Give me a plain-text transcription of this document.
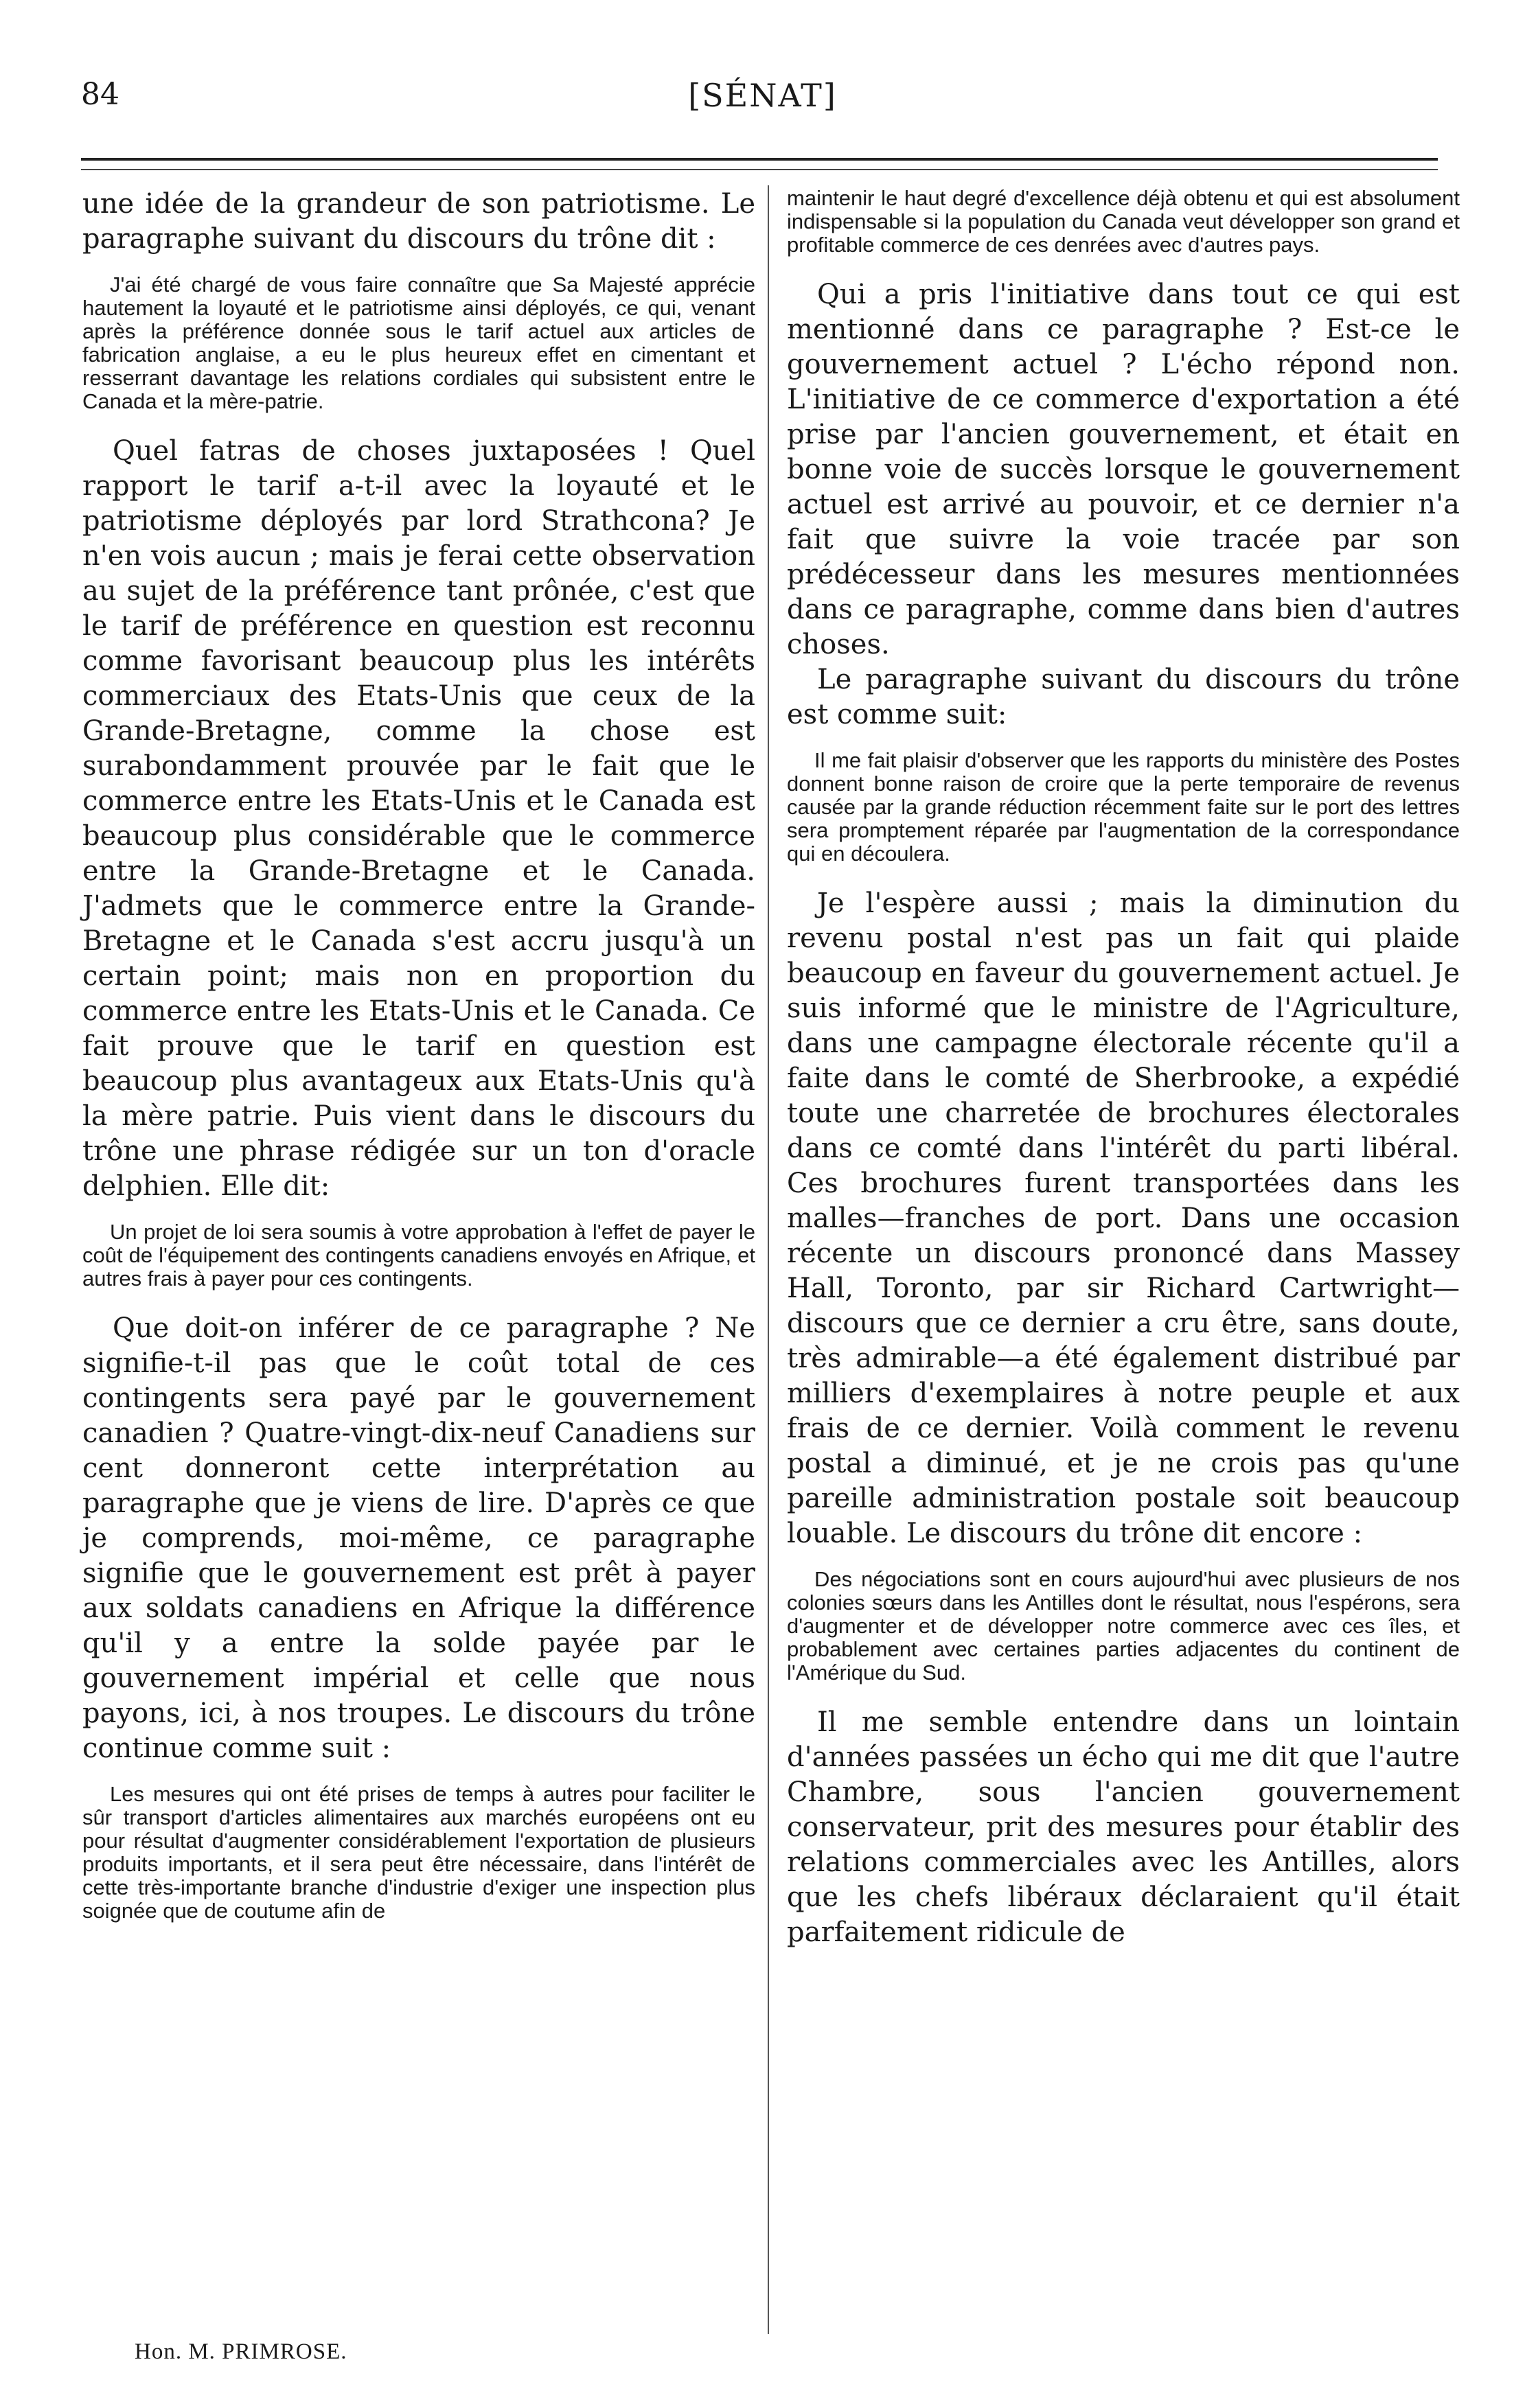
84	[SÉNAT]

une idée de la grandeur de son patriotisme. Le paragraphe suivant du discours du trône dit :

J'ai été chargé de vous faire connaître que Sa Majesté apprécie hautement la loyauté et le patriotisme ainsi déployés, ce qui, venant après la préférence donnée sous le tarif actuel aux articles de fabrication anglaise, a eu le plus heureux effet en cimentant et resserrant davantage les relations cordiales qui subsistent entre le Canada et la mère-patrie.

Quel fatras de choses juxtaposées ! Quel rapport le tarif a-t-il avec la loyauté et le patriotisme déployés par lord Strathcona? Je n'en vois aucun ; mais je ferai cette observation au sujet de la préférence tant prônée, c'est que le tarif de préférence en question est reconnu comme favorisant beaucoup plus les intérêts commerciaux des Etats-Unis que ceux de la Grande-Bretagne, comme la chose est surabondamment prouvée par le fait que le commerce entre les Etats-Unis et le Canada est beaucoup plus considérable que le commerce entre la Grande-Bretagne et le Canada. J'admets que le commerce entre la Grande-Bretagne et le Canada s'est accru jusqu'à un certain point; mais non en proportion du commerce entre les Etats-Unis et le Canada. Ce fait prouve que le tarif en question est beaucoup plus avantageux aux Etats-Unis qu'à la mère patrie. Puis vient dans le discours du trône une phrase rédigée sur un ton d'oracle delphien. Elle dit:

Un projet de loi sera soumis à votre approbation à l'effet de payer le coût de l'équipement des contingents canadiens envoyés en Afrique, et autres frais à payer pour ces contingents.

Que doit-on inférer de ce paragraphe ? Ne signifie-t-il pas que le coût total de ces contingents sera payé par le gouvernement canadien ? Quatre-vingt-dix-neuf Canadiens sur cent donneront cette interprétation au paragraphe que je viens de lire. D'après ce que je comprends, moi-même, ce paragraphe signifie que le gouvernement est prêt à payer aux soldats canadiens en Afrique la différence qu'il y a entre la solde payée par le gouvernement impérial et celle que nous payons, ici, à nos troupes. Le discours du trône continue comme suit :

Les mesures qui ont été prises de temps à autres pour faciliter le sûr transport d'articles alimentaires aux marchés européens ont eu pour résultat d'augmenter considérablement l'exportation de plusieurs produits importants, et il sera peut être nécessaire, dans l'intérêt de cette très-importante branche d'industrie d'exiger une inspection plus soignée que de coutume afin de

maintenir le haut degré d'excellence déjà obtenu et qui est absolument indispensable si la population du Canada veut développer son grand et profitable commerce de ces denrées avec d'autres pays.

Qui a pris l'initiative dans tout ce qui est mentionné dans ce paragraphe ? Est-ce le gouvernement actuel ? L'écho répond non. L'initiative de ce commerce d'exportation a été prise par l'ancien gouvernement, et était en bonne voie de succès lorsque le gouvernement actuel est arrivé au pouvoir, et ce dernier n'a fait que suivre la voie tracée par son prédécesseur dans les mesures mentionnées dans ce paragraphe, comme dans bien d'autres choses.

Le paragraphe suivant du discours du trône est comme suit:

Il me fait plaisir d'observer que les rapports du ministère des Postes donnent bonne raison de croire que la perte temporaire de revenus causée par la grande réduction récemment faite sur le port des lettres sera promptement réparée par l'augmentation de la correspondance qui en découlera.

Je l'espère aussi ; mais la diminution du revenu postal n'est pas un fait qui plaide beaucoup en faveur du gouvernement actuel. Je suis informé que le ministre de l'Agriculture, dans une campagne électorale récente qu'il a faite dans le comté de Sherbrooke, a expédié toute une charretée de brochures électorales dans ce comté dans l'intérêt du parti libéral. Ces brochures furent transportées dans les malles—franches de port. Dans une occasion récente un discours prononcé dans Massey Hall, Toronto, par sir Richard Cartwright—discours que ce dernier a cru être, sans doute, très admirable—a été également distribué par milliers d'exemplaires à notre peuple et aux frais de ce dernier. Voilà comment le revenu postal a diminué, et je ne crois pas qu'une pareille administration postale soit beaucoup louable. Le discours du trône dit encore :

Des négociations sont en cours aujourd'hui avec plusieurs de nos colonies sœurs dans les Antilles dont le résultat, nous l'espérons, sera d'augmenter et de développer notre commerce avec ces îles, et probablement avec certaines parties adjacentes du continent de l'Amérique du Sud.

Il me semble entendre dans un lointain d'années passées un écho qui me dit que l'autre Chambre, sous l'ancien gouvernement conservateur, prit des mesures pour établir des relations commerciales avec les Antilles, alors que les chefs libéraux déclaraient qu'il était parfaitement ridicule de

Hon. M. PRIMROSE.
